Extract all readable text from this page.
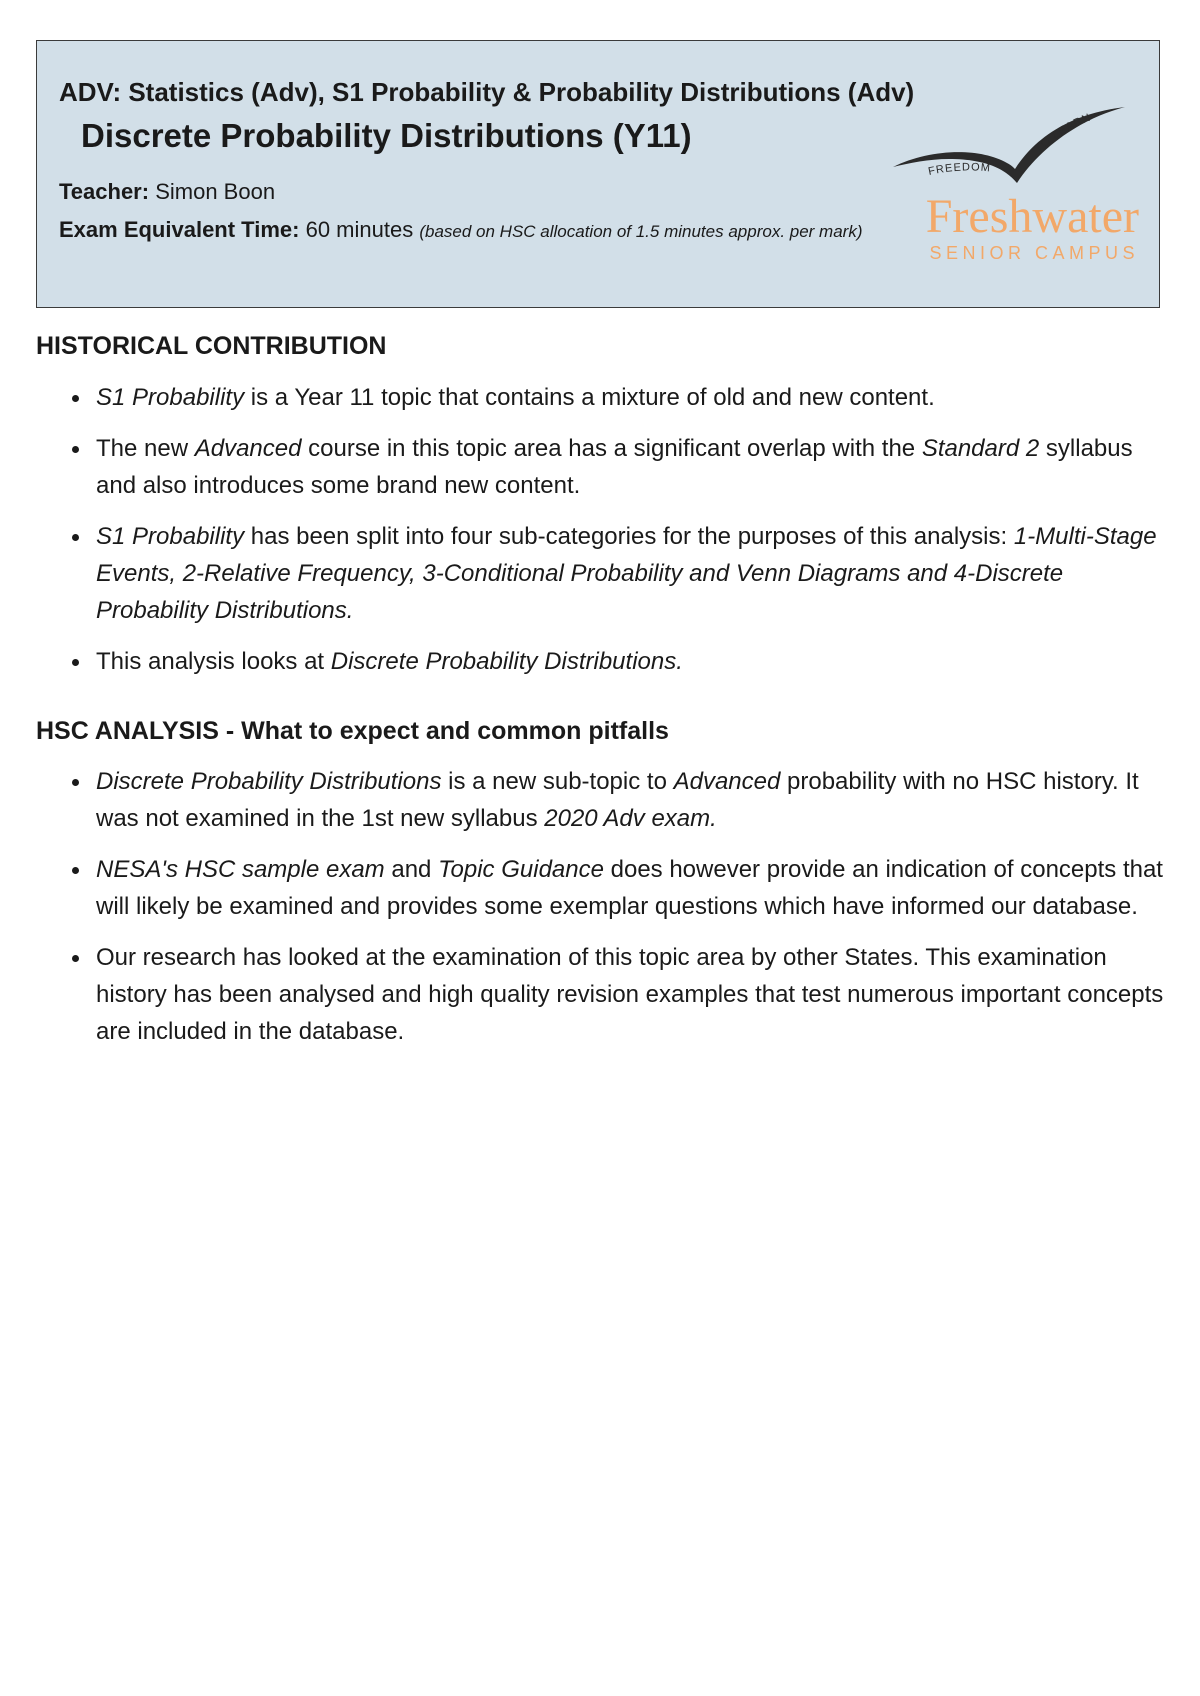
ADV: Statistics (Adv), S1 Probability & Probability Distributions (Adv)
Discrete Probability Distributions (Y11)
Teacher: Simon Boon
Exam Equivalent Time: 60 minutes (based on HSC allocation of 1.5 minutes approx. per mark)
FREEDOM
TO LEARN
Freshwater
SENIOR CAMPUS
HISTORICAL CONTRIBUTION
S1 Probability is a Year 11 topic that contains a mixture of old and new content.
The new Advanced course in this topic area has a significant overlap with the Standard 2 syllabus and also introduces some brand new content.
S1 Probability has been split into four sub-categories for the purposes of this analysis: 1-Multi-Stage Events, 2-Relative Frequency, 3-Conditional Probability and Venn Diagrams and 4-Discrete Probability Distributions.
This analysis looks at Discrete Probability Distributions.
HSC ANALYSIS - What to expect and common pitfalls
Discrete Probability Distributions is a new sub-topic to Advanced probability with no HSC history. It was not examined in the 1st new syllabus 2020 Adv exam.
NESA's HSC sample exam and Topic Guidance does however provide an indication of concepts that will likely be examined and provides some exemplar questions which have informed our database.
Our research has looked at the examination of this topic area by other States. This examination history has been analysed and high quality revision examples that test numerous important concepts are included in the database.
